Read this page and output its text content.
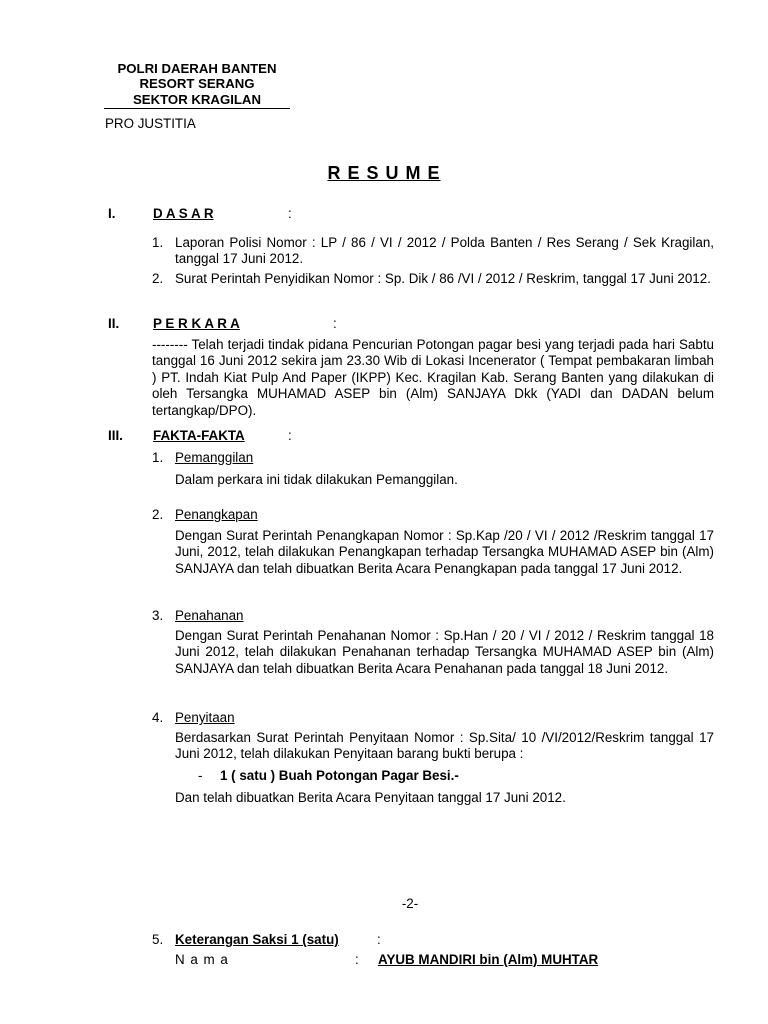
POLRI DAERAH BANTEN
RESORT SERANG
SEKTOR KRAGILAN
PRO JUSTITIA
R E S U M E
I.	D A S A R	:
1. Laporan Polisi Nomor : LP / 86 / VI / 2012 / Polda Banten / Res Serang / Sek Kragilan, tanggal 17 Juni 2012.
2. Surat Perintah Penyidikan Nomor : Sp. Dik / 86 /VI / 2012 / Reskrim, tanggal 17 Juni 2012.
II.	P E R K A R A	:
-------- Telah terjadi tindak pidana Pencurian Potongan pagar besi yang terjadi pada hari Sabtu tanggal 16 Juni 2012 sekira jam 23.30 Wib di Lokasi Incenerator ( Tempat pembakaran limbah ) PT. Indah Kiat Pulp And Paper (IKPP) Kec. Kragilan Kab. Serang Banten yang dilakukan di oleh Tersangka MUHAMAD ASEP bin (Alm) SANJAYA Dkk (YADI dan DADAN belum tertangkap/DPO).
III. FAKTA-FAKTA	:
1. Pemanggilan
Dalam perkara ini tidak dilakukan Pemanggilan.
2. Penangkapan
Dengan Surat Perintah Penangkapan Nomor : Sp.Kap /20 / VI / 2012 /Reskrim tanggal 17 Juni, 2012, telah dilakukan Penangkapan terhadap Tersangka MUHAMAD ASEP bin (Alm) SANJAYA dan telah dibuatkan Berita Acara Penangkapan pada tanggal 17 Juni 2012.
3. Penahanan
Dengan Surat Perintah Penahanan Nomor : Sp.Han / 20 / VI / 2012 / Reskrim tanggal 18 Juni 2012, telah dilakukan Penahanan terhadap Tersangka MUHAMAD ASEP bin (Alm) SANJAYA dan telah dibuatkan Berita Acara Penahanan pada tanggal 18 Juni 2012.
4. Penyitaan
Berdasarkan Surat Perintah Penyitaan Nomor : Sp.Sita/ 10 /VI/2012/Reskrim tanggal 17 Juni 2012, telah dilakukan Penyitaan barang bukti berupa :
- 1 ( satu ) Buah Potongan Pagar Besi.-
Dan telah dibuatkan Berita Acara Penyitaan tanggal 17 Juni 2012.
-2-
5. Keterangan Saksi 1 (satu)	:
N a m a	: AYUB MANDIRI bin (Alm) MUHTAR
